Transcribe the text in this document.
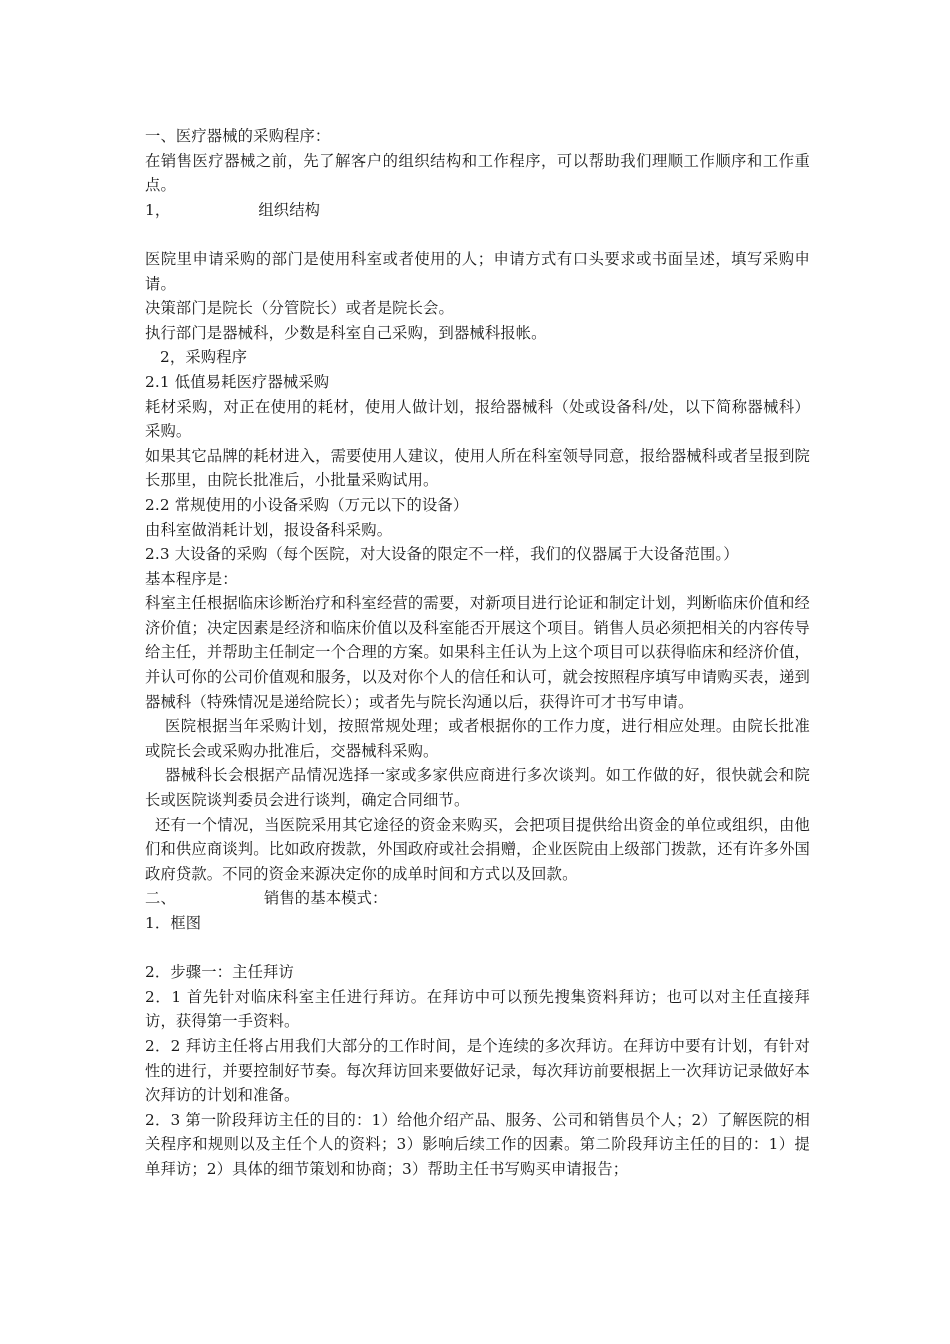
一、医疗器械的采购程序：

在销售医疗器械之前，先了解客户的组织结构和工作程序，可以帮助我们理顺工作顺序和工作重点。

1，	组织结构

医院里申请采购的部门是使用科室或者使用的人；申请方式有口头要求或书面呈述，填写采购申请。

决策部门是院长（分管院长）或者是院长会。

执行部门是器械科，少数是科室自己采购，到器械科报帐。

2，采购程序

2.1 低值易耗医疗器械采购

耗材采购，对正在使用的耗材，使用人做计划，报给器械科（处或设备科/处，以下简称器械科）采购。

如果其它品牌的耗材进入，需要使用人建议，使用人所在科室领导同意，报给器械科或者呈报到院长那里，由院长批准后，小批量采购试用。

2.2 常规使用的小设备采购（万元以下的设备）

由科室做消耗计划，报设备科采购。

2.3 大设备的采购（每个医院，对大设备的限定不一样，我们的仪器属于大设备范围。）

基本程序是：

科室主任根据临床诊断治疗和科室经营的需要，对新项目进行论证和制定计划，判断临床价值和经济价值；决定因素是经济和临床价值以及科室能否开展这个项目。销售人员必须把相关的内容传导给主任，并帮助主任制定一个合理的方案。如果科主任认为上这个项目可以获得临床和经济价值，并认可你的公司价值观和服务，以及对你个人的信任和认可，就会按照程序填写申请购买表，递到器械科（特殊情况是递给院长）；或者先与院长沟通以后，获得许可才书写申请。

医院根据当年采购计划，按照常规处理；或者根据你的工作力度，进行相应处理。由院长批准或院长会或采购办批准后，交器械科采购。

器械科长会根据产品情况选择一家或多家供应商进行多次谈判。如工作做的好，很快就会和院长或医院谈判委员会进行谈判，确定合同细节。

还有一个情况，当医院采用其它途径的资金来购买，会把项目提供给出资金的单位或组织，由他们和供应商谈判。比如政府拨款，外国政府或社会捐赠，企业医院由上级部门拨款，还有许多外国政府贷款。不同的资金来源决定你的成单时间和方式以及回款。

二、	销售的基本模式：

1．框图

2．步骤一：主任拜访

2．1 首先针对临床科室主任进行拜访。在拜访中可以预先搜集资料拜访；也可以对主任直接拜访，获得第一手资料。

2．2 拜访主任将占用我们大部分的工作时间，是个连续的多次拜访。在拜访中要有计划，有针对性的进行，并要控制好节奏。每次拜访回来要做好记录，每次拜访前要根据上一次拜访记录做好本次拜访的计划和准备。

2．3 第一阶段拜访主任的目的：1）给他介绍产品、服务、公司和销售员个人；2）了解医院的相关程序和规则以及主任个人的资料；3）影响后续工作的因素。第二阶段拜访主任的目的：1）提单拜访；2）具体的细节策划和协商；3）帮助主任书写购买申请报告；
